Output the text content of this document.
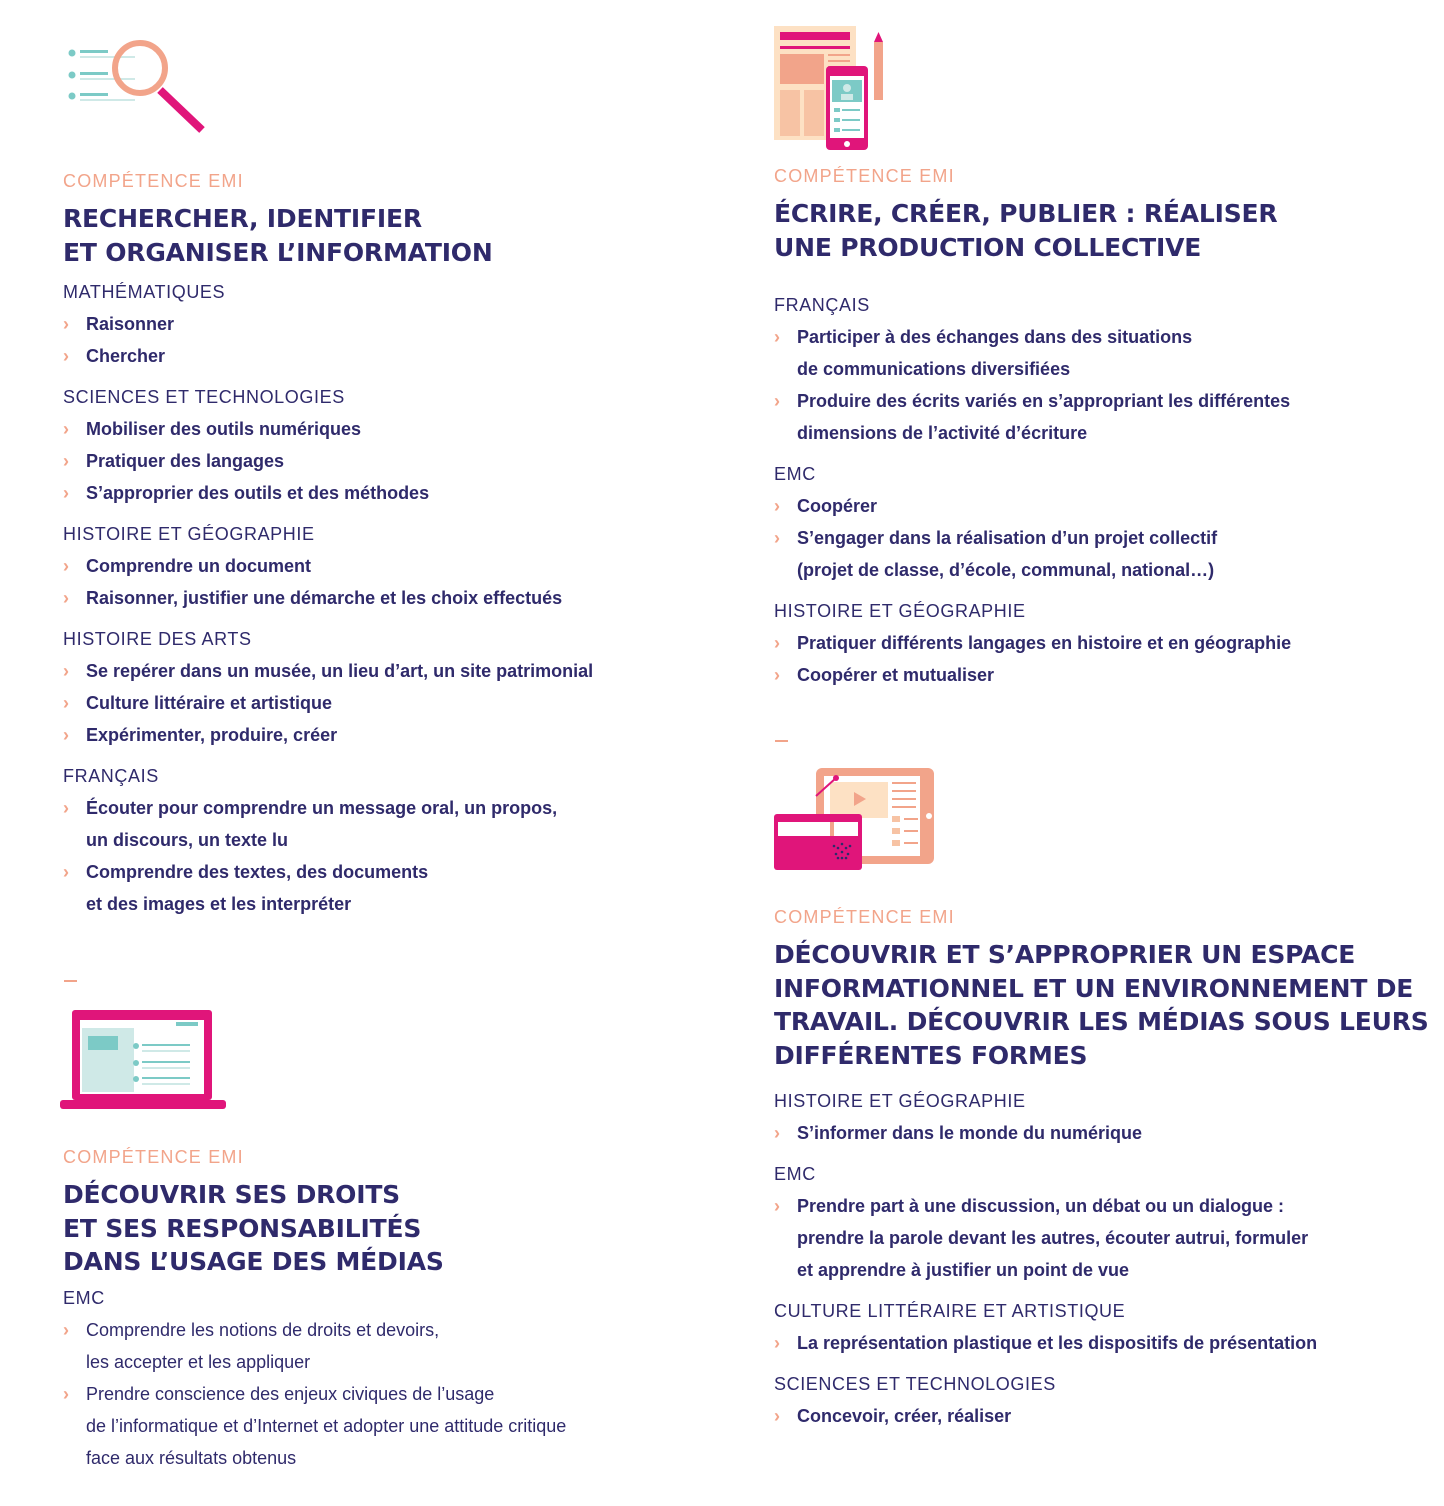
COMPÉTENCE EMI

RECHERCHER, IDENTIFIER
ET ORGANISER L’INFORMATION

MATHÉMATIQUES

› Raisonner
› Chercher

SCIENCES ET TECHNOLOGIES

› Mobiliser des outils numériques
› Pratiquer des langages
› S’approprier des outils et des méthodes

HISTOIRE ET GÉOGRAPHIE

› Comprendre un document
› Raisonner, justifier une démarche et les choix effectués

HISTOIRE DES ARTS

› Se repérer dans un musée, un lieu d’art, un site patrimonial
› Culture littéraire et artistique
› Expérimenter, produire, créer

FRANÇAIS

› Écouter pour comprendre un message oral, un propos,
un discours, un texte lu
› Comprendre des textes, des documents
et des images et les interpréter

COMPÉTENCE EMI

DÉCOUVRIR SES DROITS
ET SES RESPONSABILITÉS
DANS L’USAGE DES MÉDIAS

EMC

› Comprendre les notions de droits et devoirs,
les accepter et les appliquer
› Prendre conscience des enjeux civiques de l’usage
de l’informatique et d’Internet et adopter une attitude critique
face aux résultats obtenus

COMPÉTENCE EMI

ÉCRIRE, CRÉER, PUBLIER : RÉALISER
UNE PRODUCTION COLLECTIVE

FRANÇAIS

› Participer à des échanges dans des situations
de communications diversifiées
› Produire des écrits variés en s’appropriant les différentes
dimensions de l’activité d’écriture

EMC

› Coopérer
› S’engager dans la réalisation d’un projet collectif
(projet de classe, d’école, communal, national…)

HISTOIRE ET GÉOGRAPHIE

› Pratiquer différents langages en histoire et en géographie
› Coopérer et mutualiser

COMPÉTENCE EMI

DÉCOUVRIR ET S’APPROPRIER UN ESPACE
INFORMATIONNEL ET UN ENVIRONNEMENT DE
TRAVAIL. DÉCOUVRIR LES MÉDIAS SOUS LEURS
DIFFÉRENTES FORMES

HISTOIRE ET GÉOGRAPHIE

› S’informer dans le monde du numérique

EMC

› Prendre part à une discussion, un débat ou un dialogue :
prendre la parole devant les autres, écouter autrui, formuler
et apprendre à justifier un point de vue

CULTURE LITTÉRAIRE ET ARTISTIQUE

› La représentation plastique et les dispositifs de présentation

SCIENCES ET TECHNOLOGIES

› Concevoir, créer, réaliser
